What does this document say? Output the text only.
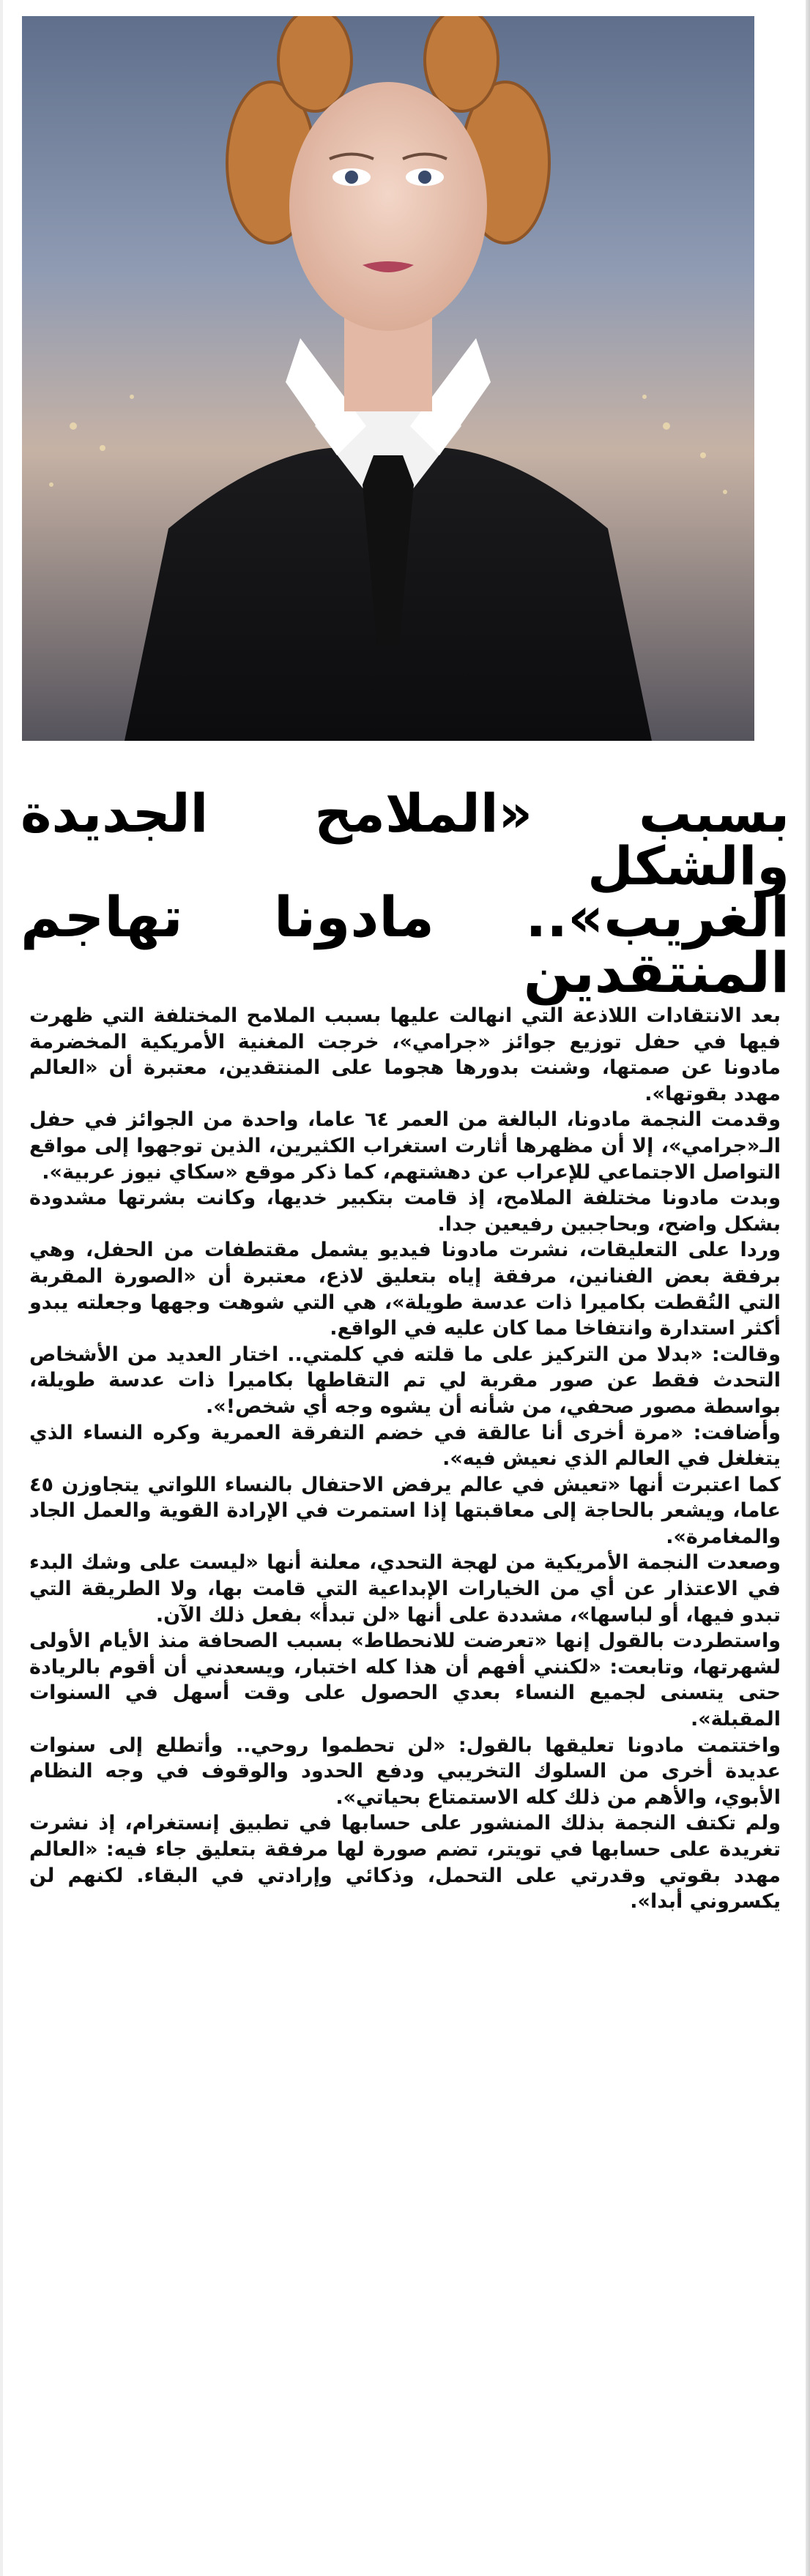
بسبب «الملامح الجديدة والشكل
الغريب».. مادونا تهاجم المنتقدين

بعد الانتقادات اللاذعة التي انهالت عليها بسبب الملامح المختلفة التي ظهرت فيها في حفل توزيع جوائز «جرامي»، خرجت المغنية الأمريكية المخضرمة مادونا عن صمتها، وشنت بدورها هجوما على المنتقدين، معتبرة أن «العالم مهدد بقوتها».

وقدمت النجمة مادونا، البالغة من العمر ٦٤ عاما، واحدة من الجوائز في حفل الـ«جرامي»، إلا أن مظهرها أثارت استغراب الكثيرين، الذين توجهوا إلى مواقع التواصل الاجتماعي للإعراب عن دهشتهم، كما ذكر موقع «سكاي نيوز عربية».

وبدت مادونا مختلفة الملامح، إذ قامت بتكبير خديها، وكانت بشرتها مشدودة بشكل واضح، وبحاجبين رفيعين جدا.

وردا على التعليقات، نشرت مادونا فيديو يشمل مقتطفات من الحفل، وهي برفقة بعض الفنانين، مرفقة إياه بتعليق لاذع، معتبرة أن «الصورة المقربة التي التُقطت بكاميرا ذات عدسة طويلة»، هي التي شوهت وجهها وجعلته يبدو أكثر استدارة وانتفاخا مما كان عليه في الواقع.

وقالت: «بدلا من التركيز على ما قلته في كلمتي.. اختار العديد من الأشخاص التحدث فقط عن صور مقربة لي تم التقاطها بكاميرا ذات عدسة طويلة، بواسطة مصور صحفي، من شأنه أن يشوه وجه أي شخص!».

وأضافت: «مرة أخرى أنا عالقة في خضم التفرقة العمرية وكره النساء الذي يتغلغل في العالم الذي نعيش فيه».

كما اعتبرت أنها «تعيش في عالم يرفض الاحتفال بالنساء اللواتي يتجاوزن ٤٥ عاما، ويشعر بالحاجة إلى معاقبتها إذا استمرت في الإرادة القوية والعمل الجاد والمغامرة».

وصعدت النجمة الأمريكية من لهجة التحدي، معلنة أنها «ليست على وشك البدء في الاعتذار عن أي من الخيارات الإبداعية التي قامت بها، ولا الطريقة التي تبدو فيها، أو لباسها»، مشددة على أنها «لن تبدأ» بفعل ذلك الآن.

واستطردت بالقول إنها «تعرضت للانحطاط» بسبب الصحافة منذ الأيام الأولى لشهرتها، وتابعت: «لكنني أفهم أن هذا كله اختبار، ويسعدني أن أقوم بالريادة حتى يتسنى لجميع النساء بعدي الحصول على وقت أسهل في السنوات المقبلة».

واختتمت مادونا تعليقها بالقول: «لن تحطموا روحي.. وأتطلع إلى سنوات عديدة أخرى من السلوك التخريبي ودفع الحدود والوقوف في وجه النظام الأبوي، والأهم من ذلك كله الاستمتاع بحياتي».

ولم تكتف النجمة بذلك المنشور على حسابها في تطبيق إنستغرام، إذ نشرت تغريدة على حسابها في تويتر، تضم صورة لها مرفقة بتعليق جاء فيه: «العالم مهدد بقوتي وقدرتي على التحمل، وذكائي وإرادتي في البقاء. لكنهم لن يكسروني أبدا».
